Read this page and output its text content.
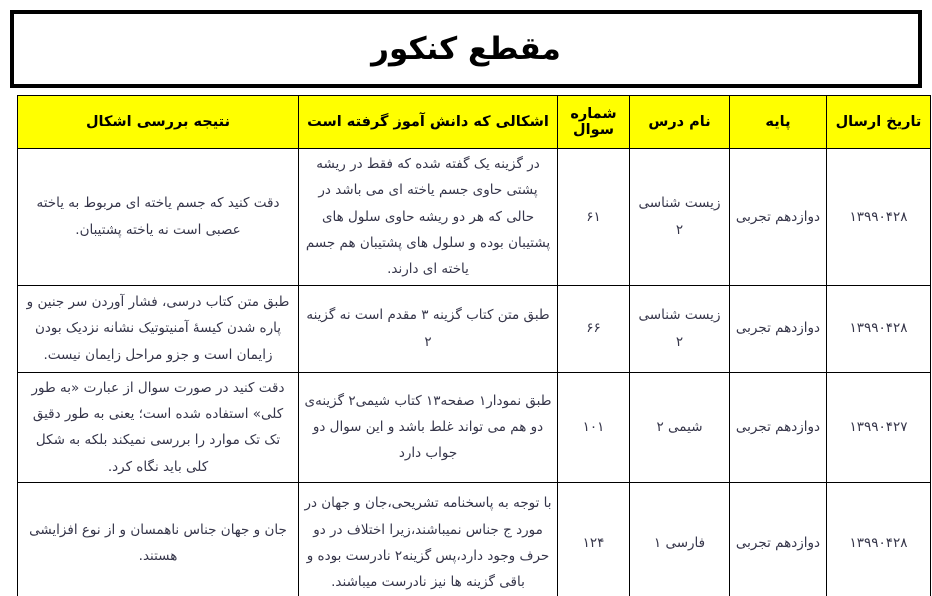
مقطع کنکور
تاریخ ارسال	پایه	نام درس	شماره سوال	اشکالی که دانش آموز گرفته است	نتیجه بررسی اشکال
۱۳۹۹۰۴۲۸	دوازدهم تجربی	زیست شناسی ۲	۶۱	در گزینه یک گفته شده که فقط در ریشه پشتی حاوی جسم یاخته ای می باشد در حالی که هر دو ریشه حاوی سلول های پشتیبان بوده و سلول های پشتیبان هم جسم یاخته ای دارند.	دقت کنید که جسم یاخته ای مربوط به یاخته عصبی است نه یاخته پشتیبان.
۱۳۹۹۰۴۲۸	دوازدهم تجربی	زیست شناسی ۲	۶۶	طبق متن کتاب گزینه ۳ مقدم است نه گزینه ۲	طبق متن کتاب درسی، فشار آوردن سر جنین و پاره شدن کیسهٔ آمنیتوتیک نشانه نزدیک بودن زایمان است و جزو مراحل زایمان نیست.
۱۳۹۹۰۴۲۷	دوازدهم تجربی	شیمی ۲	۱۰۱	طبق نمودار۱ صفحه۱۳ کتاب شیمی۲ گزینه‌ی دو هم می تواند غلط باشد و این سوال دو جواب دارد	دقت کنید در صورت سوال از عبارت «به طور کلی» استفاده شده است؛ یعنی به طور دقیق تک تک موارد را بررسی نمیکند بلکه به شکل کلی باید نگاه کرد.
۱۳۹۹۰۴۲۸	دوازدهم تجربی	فارسی ۱	۱۲۴	با توجه به پاسخنامه تشریحی،جان و جهان در مورد ج جناس نمیباشند،زیرا اختلاف در دو حرف وجود دارد،پس گزینه۲ نادرست بوده و باقی گزینه ها نیز نادرست میباشند.	جان و جهان جناس ناهمسان و از نوع افزایشی هستند.
